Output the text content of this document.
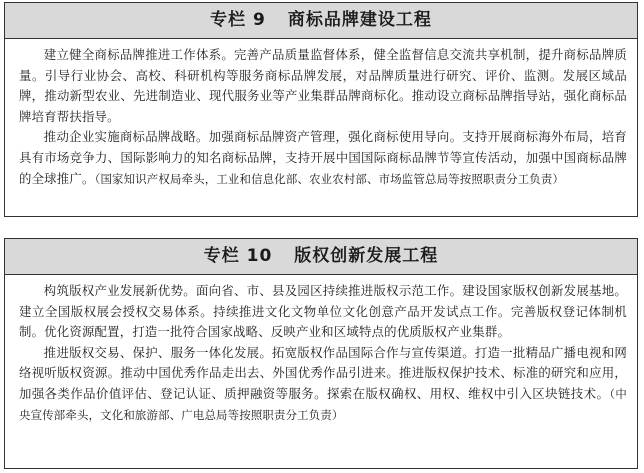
专栏 9 商标品牌建设工程

建立健全商标品牌推进工作体系。完善产品质量监督体系，健全监督信息交流共享机制，提升商标品牌质量。引导行业协会、高校、科研机构等服务商标品牌发展，对品牌质量进行研究、评价、监测。发展区域品牌，推动新型农业、先进制造业、现代服务业等产业集群品牌商标化。推动设立商标品牌指导站，强化商标品牌培育帮扶指导。

推动企业实施商标品牌战略。加强商标品牌资产管理，强化商标使用导向。支持开展商标海外布局，培育具有市场竞争力、国际影响力的知名商标品牌，支持开展中国国际商标品牌节等宣传活动，加强中国商标品牌的全球推广。（国家知识产权局牵头，工业和信息化部、农业农村部、市场监管总局等按照职责分工负责）

专栏 10 版权创新发展工程

构筑版权产业发展新优势。面向省、市、县及园区持续推进版权示范工作。建设国家版权创新发展基地。建立全国版权展会授权交易体系。持续推进文化文物单位文化创意产品开发试点工作。完善版权登记体制机制。优化资源配置，打造一批符合国家战略、反映产业和区域特点的优质版权产业集群。

推进版权交易、保护、服务一体化发展。拓宽版权作品国际合作与宣传渠道。打造一批精品广播电视和网络视听版权资源。推动中国优秀作品走出去、外国优秀作品引进来。推进版权保护技术、标准的研究和应用，加强各类作品价值评估、登记认证、质押融资等服务。探索在版权确权、用权、维权中引入区块链技术。（中央宣传部牵头，文化和旅游部、广电总局等按照职责分工负责）
